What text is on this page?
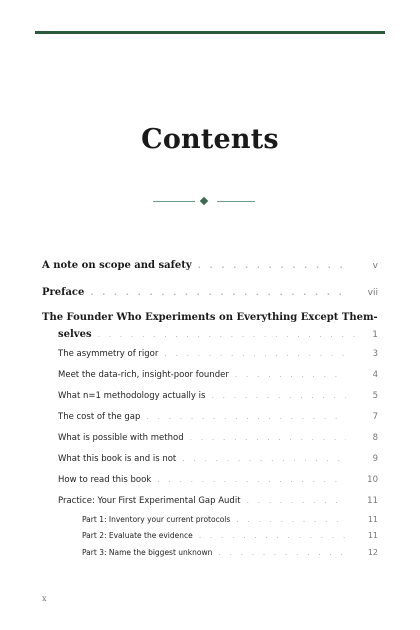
Contents
A note on scope and safety . . .	v
Preface . . .	vii
The Founder Who Experiments on Everything Except Them-
selves . . .	1
The asymmetry of rigor . . .	3
Meet the data-rich, insight-poor founder . . .	4
What n=1 methodology actually is . . .	5
The cost of the gap . . .	7
What is possible with method . . .	8
What this book is and is not . . .	9
How to read this book . . .	10
Practice: Your First Experimental Gap Audit . . .	11
Part 1: Inventory your current protocols . . .	11
Part 2: Evaluate the evidence . . .	11
Part 3: Name the biggest unknown . . .	12
x
